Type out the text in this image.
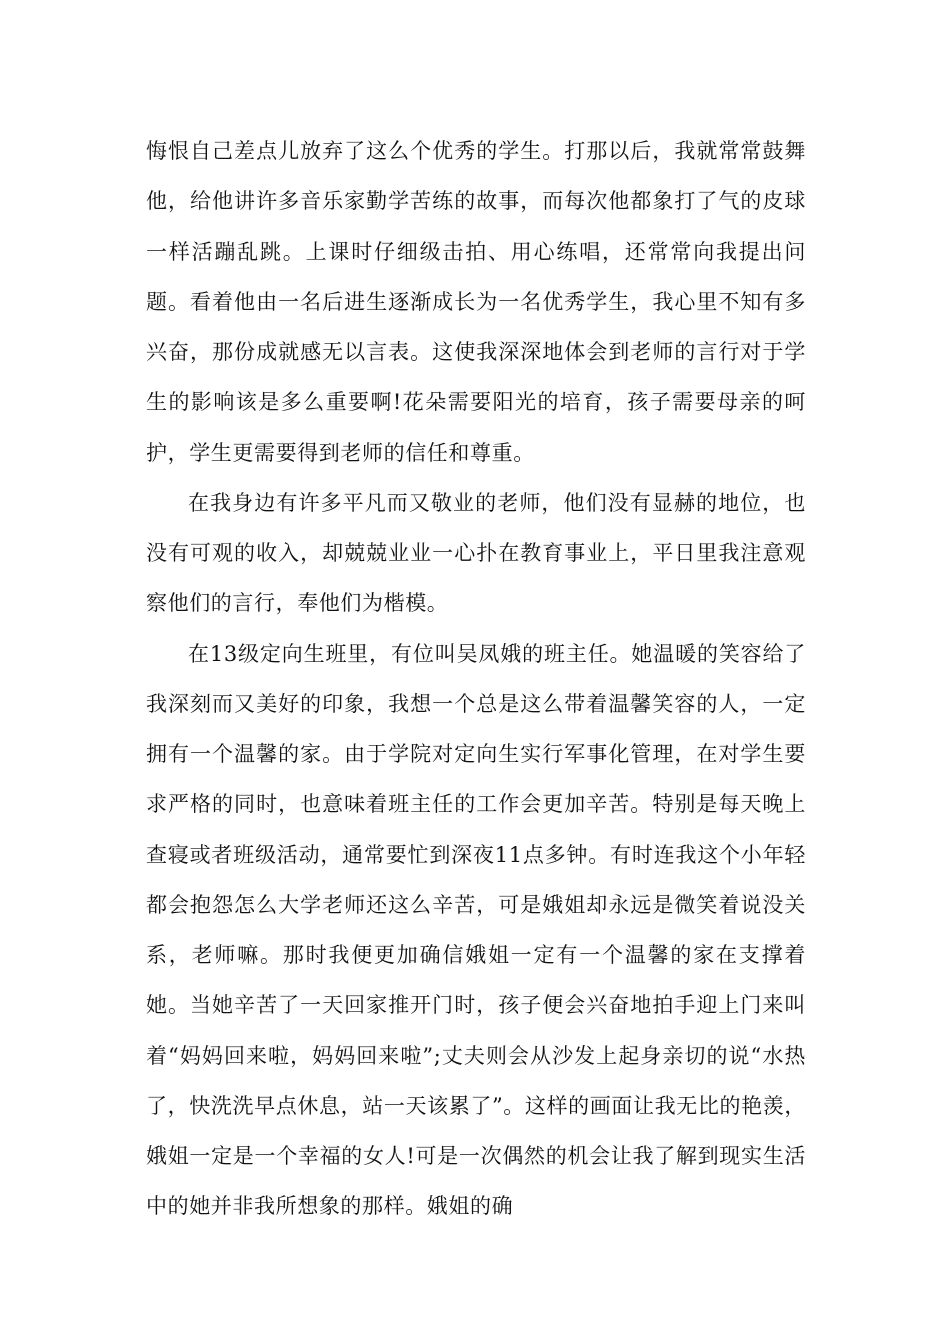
悔恨自己差点儿放弃了这么个优秀的学生。打那以后，我就常常鼓舞他，给他讲许多音乐家勤学苦练的故事，而每次他都象打了气的皮球一样活蹦乱跳。上课时仔细级击拍、用心练唱，还常常向我提出问题。看着他由一名后进生逐渐成长为一名优秀学生，我心里不知有多兴奋，那份成就感无以言表。这使我深深地体会到老师的言行对于学生的影响该是多么重要啊!花朵需要阳光的培育，孩子需要母亲的呵护，学生更需要得到老师的信任和尊重。

在我身边有许多平凡而又敬业的老师，他们没有显赫的地位，也没有可观的收入，却兢兢业业一心扑在教育事业上，平日里我注意观察他们的言行，奉他们为楷模。

在13级定向生班里，有位叫吴凤娥的班主任。她温暖的笑容给了我深刻而又美好的印象，我想一个总是这么带着温馨笑容的人，一定拥有一个温馨的家。由于学院对定向生实行军事化管理，在对学生要求严格的同时，也意味着班主任的工作会更加辛苦。特别是每天晚上查寝或者班级活动，通常要忙到深夜11点多钟。有时连我这个小年轻都会抱怨怎么大学老师还这么辛苦，可是娥姐却永远是微笑着说没关系，老师嘛。那时我便更加确信娥姐一定有一个温馨的家在支撑着她。当她辛苦了一天回家推开门时，孩子便会兴奋地拍手迎上门来叫着“妈妈回来啦，妈妈回来啦”;丈夫则会从沙发上起身亲切的说“水热了，快洗洗早点休息，站一天该累了”。这样的画面让我无比的艳羡，娥姐一定是一个幸福的女人!可是一次偶然的机会让我了解到现实生活中的她并非我所想象的那样。娥姐的确
